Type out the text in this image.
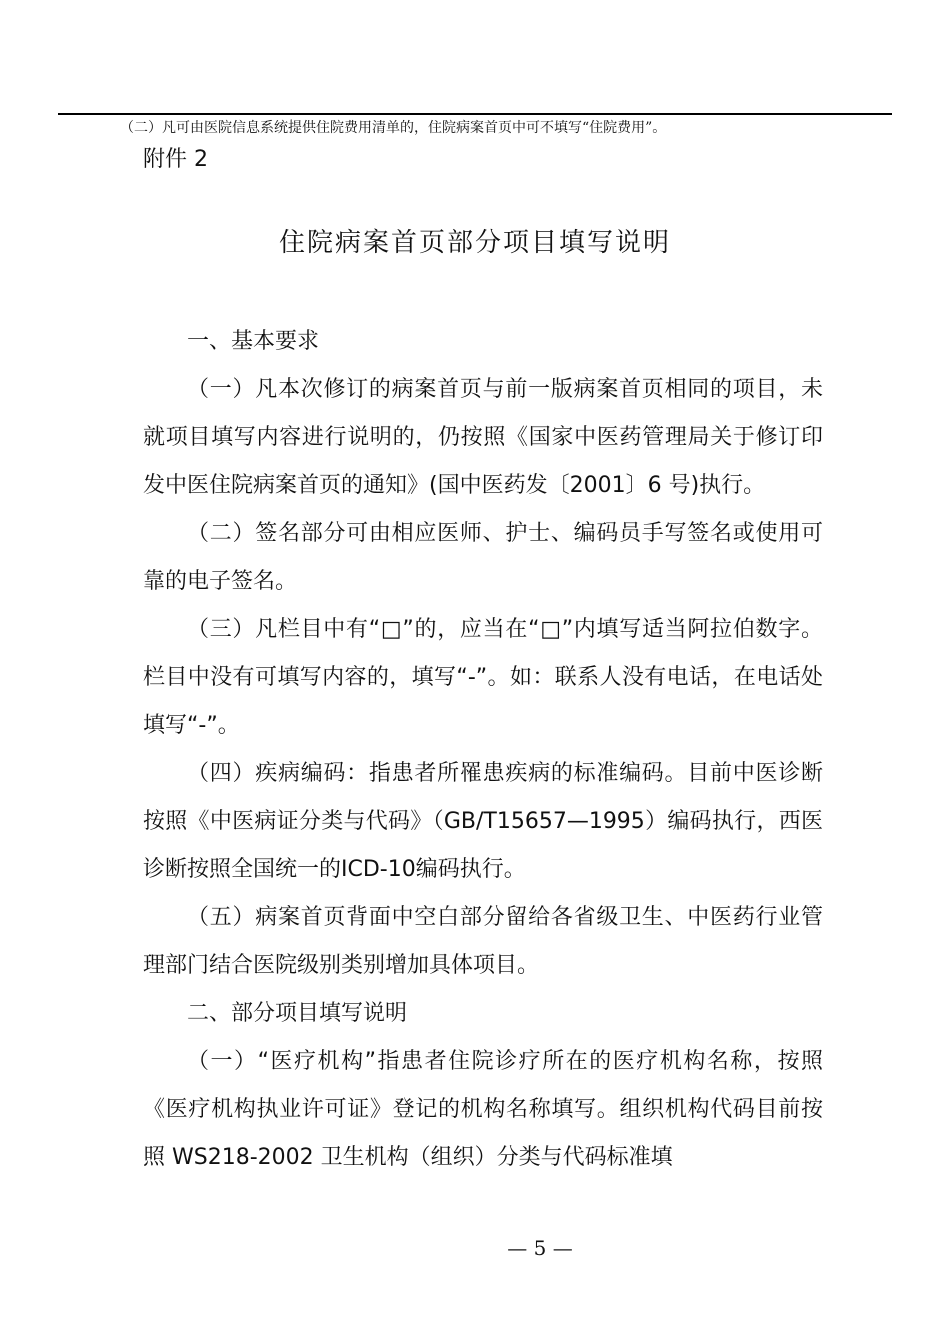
（二）凡可由医院信息系统提供住院费用清单的，住院病案首页中可不填写“住院费用”。
附件 2
住院病案首页部分项目填写说明

一、基本要求

（一）凡本次修订的病案首页与前一版病案首页相同的项目，未就项目填写内容进行说明的，仍按照《国家中医药管理局关于修订印发中医住院病案首页的通知》(国中医药发〔2001〕6 号)执行。

（二）签名部分可由相应医师、护士、编码员手写签名或使用可靠的电子签名。

（三）凡栏目中有“□”的，应当在“□”内填写适当阿拉伯数字。栏目中没有可填写内容的，填写“-”。如：联系人没有电话，在电话处填写“-”。

（四）疾病编码：指患者所罹患疾病的标准编码。目前中医诊断按照《中医病证分类与代码》（GB/T15657—1995）编码执行，西医诊断按照全国统一的ICD-10编码执行。

（五）病案首页背面中空白部分留给各省级卫生、中医药行业管理部门结合医院级别类别增加具体项目。

二、部分项目填写说明

（一）“医疗机构”指患者住院诊疗所在的医疗机构名称，按照《医疗机构执业许可证》登记的机构名称填写。组织机构代码目前按照 WS218-2002 卫生机构（组织）分类与代码标准填

— 5 —
